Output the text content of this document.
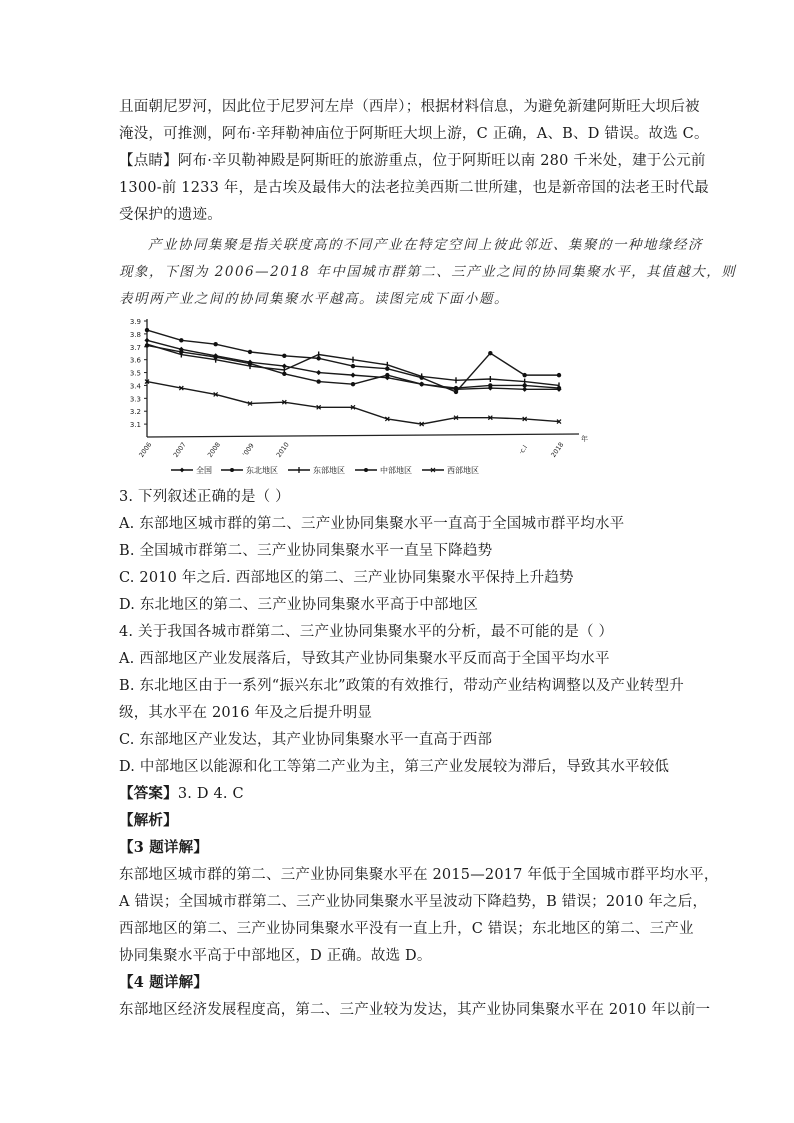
且面朝尼罗河，因此位于尼罗河左岸（西岸）；根据材料信息，为避免新建阿斯旺大坝后被
淹没，可推测，阿布·辛拜勒神庙位于阿斯旺大坝上游，C 正确，A、B、D 错误。故选 C。
【点睛】阿布·辛贝勒神殿是阿斯旺的旅游重点，位于阿斯旺以南 280 千米处，建于公元前
1300-前 1233 年，是古埃及最伟大的法老拉美西斯二世所建，也是新帝国的法老王时代最
受保护的遗迹。
产业协同集聚是指关联度高的不同产业在特定空间上彼此邻近、集聚的一种地缘经济
现象，下图为 2006—2018 年中国城市群第二、三产业之间的协同集聚水平，其值越大，则
表明两产业之间的协同集聚水平越高。读图完成下面小题。
3.9
3.8
3.7
3.6
3.5
3.4
3.3
3.2
3.1
2006	2007	2008	'009	2010	·c.l	2018
年
全国	东北地区	东部地区	中部地区	西部地区
3. 下列叙述正确的是（ ）
A. 东部地区城市群的第二、三产业协同集聚水平一直高于全国城市群平均水平
B. 全国城市群第二、三产业协同集聚水平一直呈下降趋势
C. 2010 年之后. 西部地区的第二、三产业协同集聚水平保持上升趋势
D. 东北地区的第二、三产业协同集聚水平高于中部地区
4. 关于我国各城市群第二、三产业协同集聚水平的分析，最不可能的是（ ）
A. 西部地区产业发展落后，导致其产业协同集聚水平反而高于全国平均水平
B. 东北地区由于一系列“振兴东北”政策的有效推行，带动产业结构调整以及产业转型升
级，其水平在 2016 年及之后提升明显
C. 东部地区产业发达，其产业协同集聚水平一直高于西部
D. 中部地区以能源和化工等第二产业为主，第三产业发展较为滞后，导致其水平较低
【答案】3. D 4. C
【解析】
【3 题详解】
东部地区城市群的第二、三产业协同集聚水平在 2015—2017 年低于全国城市群平均水平，
A 错误；全国城市群第二、三产业协同集聚水平呈波动下降趋势，B 错误；2010 年之后，
西部地区的第二、三产业协同集聚水平没有一直上升，C 错误；东北地区的第二、三产业
协同集聚水平高于中部地区，D 正确。故选 D。
【4 题详解】
东部地区经济发展程度高，第二、三产业较为发达，其产业协同集聚水平在 2010 年以前一
